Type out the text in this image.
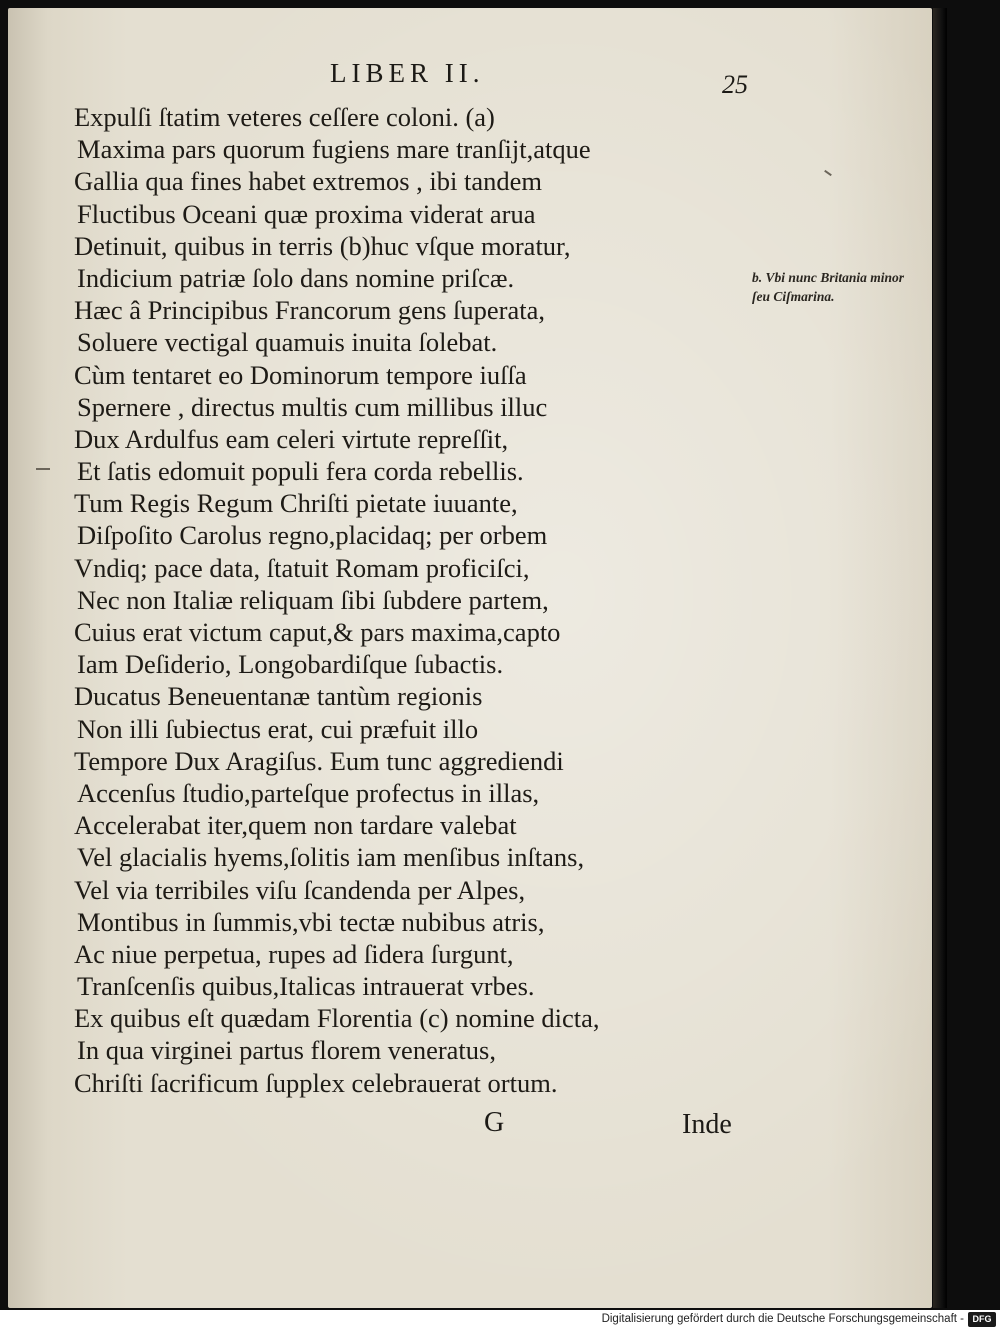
LIBER II.	25
Expulſi ſtatim veteres ceſſere coloni. (a)
Maxima pars quorum fugiens mare tranſijt,atque
Gallia qua fines habet extremos , ibi tandem
Fluctibus Oceani quæ proxima viderat arua
Detinuit, quibus in terris (b)huc vſque moratur,
Indicium patriæ ſolo dans nomine priſcæ.
Hæc â Principibus Francorum gens ſuperata,
Soluere vectigal quamuis inuita ſolebat.
Cùm tentaret eo Dominorum tempore iuſſa
Spernere , directus multis cum millibus illuc
Dux Ardulfus eam celeri virtute repreſſit,
Et ſatis edomuit populi fera corda rebellis.
Tum Regis Regum Chriſti pietate iuuante,
Diſpoſito Carolus regno,placidaq; per orbem
Vndiq; pace data, ſtatuit Romam proficiſci,
Nec non Italiæ reliquam ſibi ſubdere partem,
Cuius erat victum caput,& pars maxima,capto
Iam Deſiderio, Longobardiſque ſubactis.
Ducatus Beneuentanæ tantùm regionis
Non illi ſubiectus erat, cui præfuit illo
Tempore Dux Aragiſus. Eum tunc aggrediendi
Accenſus ſtudio,parteſque profectus in illas,
Accelerabat iter,quem non tardare valebat
Vel glacialis hyems,ſolitis iam menſibus inſtans,
Vel via terribiles viſu ſcandenda per Alpes,
Montibus in ſummis,vbi tectæ nubibus atris,
Ac niue perpetua, rupes ad ſidera ſurgunt,
Tranſcenſis quibus,Italicas intrauerat vrbes.
Ex quibus eſt quædam Florentia (c) nomine dicta,
In qua virginei partus florem veneratus,
Chriſti ſacrificum ſupplex celebrauerat ortum.
b. Vbi nunc Britania minor ſeu Ciſmarina.
G	Inde
Digitalisierung gefördert durch die Deutsche Forschungsgemeinschaft - DFG
